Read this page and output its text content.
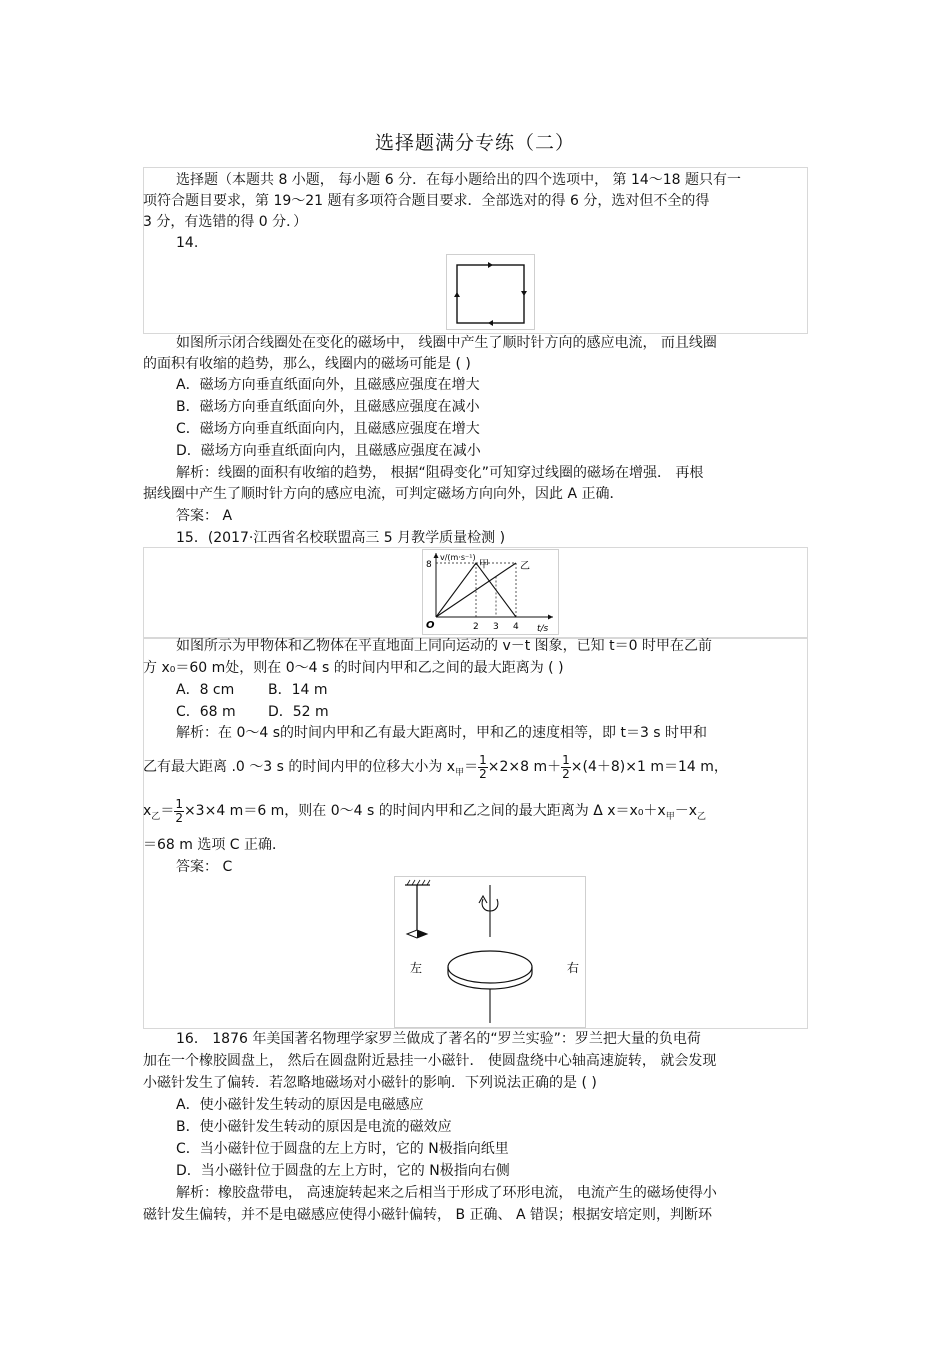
选择题满分专练（二）
选择题（本题共 8 小题， 每小题 6 分．在每小题给出的四个选项中， 第 14～18 题只有一
项符合题目要求，第 19～21 题有多项符合题目要求．全部选对的得 6 分，选对但不全的得
3 分，有选错的得 0 分．）
14.
如图所示闭合线圈处在变化的磁场中， 线圈中产生了顺时针方向的感应电流， 而且线圈
的面积有收缩的趋势，那么，线圈内的磁场可能是 ( )
A．磁场方向垂直纸面向外，且磁感应强度在增大
B．磁场方向垂直纸面向外，且磁感应强度在减小
C．磁场方向垂直纸面向内，且磁感应强度在增大
D．磁场方向垂直纸面向内，且磁感应强度在减小
解析：线圈的面积有收缩的趋势， 根据“阻碍变化”可知穿过线圈的磁场在增强． 再根
据线圈中产生了顺时针方向的感应电流，可判定磁场方向向外，因此 A 正确．
答案： A
15．(2017·江西省名校联盟高三 5 月教学质量检测 )
v/(m·s⁻¹)
t/s
O
甲	乙
8
2 3 4
如图所示为甲物体和乙物体在平直地面上同向运动的 v－t 图象，已知 t＝0 时甲在乙前
方 x₀＝60 m处，则在 0～4 s 的时间内甲和乙之间的最大距离为 ( )
A．8 cm B．14 m
C．68 m D．52 m
解析：在 0～4 s的时间内甲和乙有最大距离时，甲和乙的速度相等，即 t＝3 s 时甲和
乙有最大距离 .0 ～3 s 的时间内甲的位移大小为 $x_甲= \frac{1}{2} \times 2\times 8$ $m+ \frac{1}{2} \times(4+8)\times 1$ m＝14 m，
$x_乙= \frac{1}{2} \times 3\times 4$ m＝6 m，则在 0～4 s 的时间内甲和乙之间的最大距离为 Δ $x=x_0+x_甲-x_乙$
＝68 m 选项 C 正确．
答案： C
左	右
16． 1876 年美国著名物理学家罗兰做成了著名的“罗兰实验”：罗兰把大量的负电荷
加在一个橡胶圆盘上， 然后在圆盘附近悬挂一小磁针． 使圆盘绕中心轴高速旋转， 就会发现
小磁针发生了偏转．若忽略地磁场对小磁针的影响．下列说法正确的是 ( )
A．使小磁针发生转动的原因是电磁感应
B．使小磁针发生转动的原因是电流的磁效应
C．当小磁针位于圆盘的左上方时，它的 N极指向纸里
D．当小磁针位于圆盘的左上方时，它的 N极指向右侧
解析：橡胶盘带电， 高速旋转起来之后相当于形成了环形电流， 电流产生的磁场使得小
磁针发生偏转，并不是电磁感应使得小磁针偏转， B 正确、 A 错误；根据安培定则，判断环
